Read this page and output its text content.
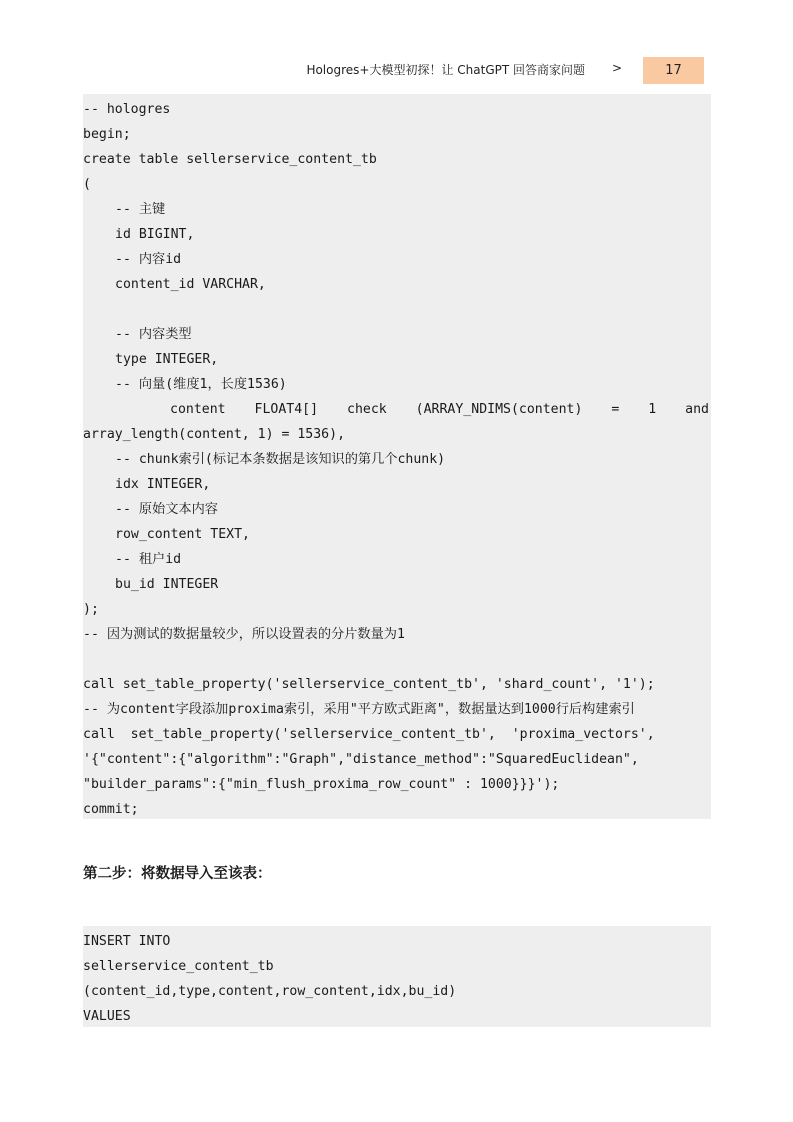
Hologres+大模型初探！让 ChatGPT 回答商家问题 >	17
-- hologres
begin;
create table sellerservice_content_tb
(
-- 主键
id BIGINT,
-- 内容id
content_id VARCHAR,
-- 内容类型
type INTEGER,
-- 向量(维度1，长度1536)
content FLOAT4[] check (ARRAY_NDIMS(content) = 1 and
array_length(content, 1) = 1536),
-- chunk索引(标记本条数据是该知识的第几个chunk)
idx INTEGER,
-- 原始文本内容
row_content TEXT,
-- 租户id
bu_id INTEGER
);
-- 因为测试的数据量较少，所以设置表的分片数量为1
call set_table_property('sellerservice_content_tb', 'shard_count', '1');
-- 为content字段添加proxima索引，采用"平方欧式距离"，数据量达到1000行后构建索引
call  set_table_property('sellerservice_content_tb',  'proxima_vectors',
'{"content":{"algorithm":"Graph","distance_method":"SquaredEuclidean",
"builder_params":{"min_flush_proxima_row_count" : 1000}}}');
commit;
第二步：将数据导入至该表：
INSERT INTO
sellerservice_content_tb
(content_id,type,content,row_content,idx,bu_id)
VALUES
